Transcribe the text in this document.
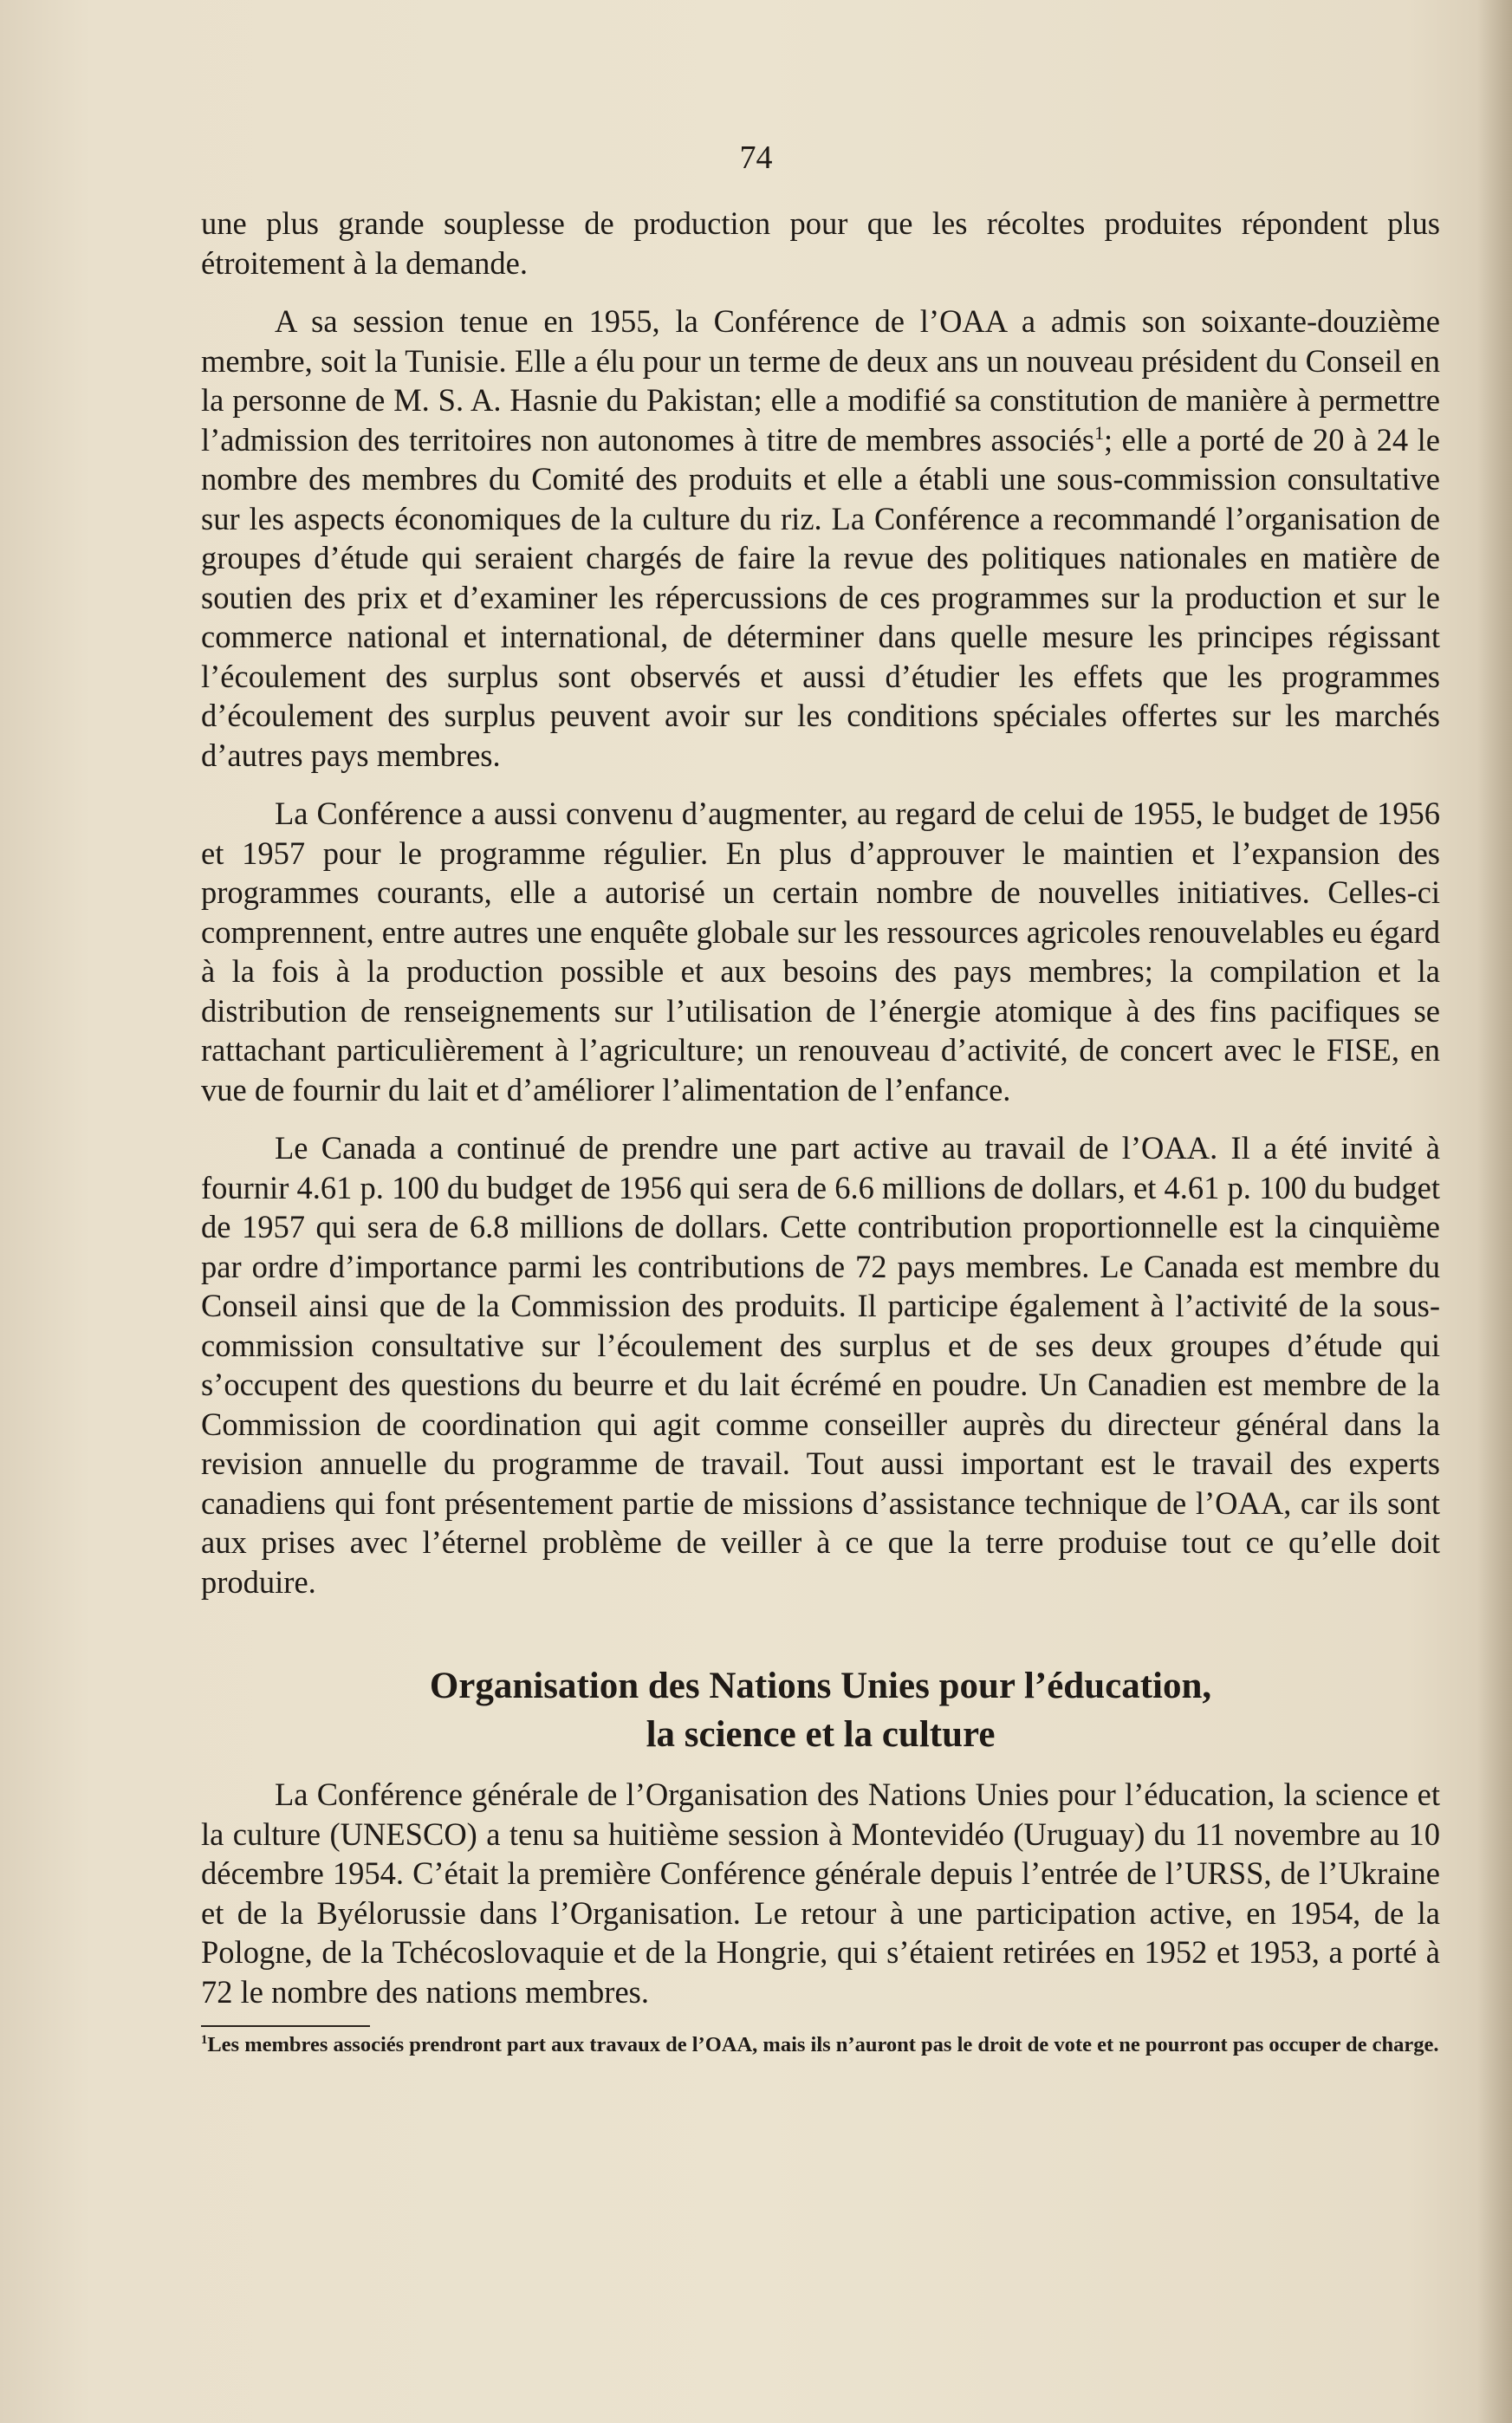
74

une plus grande souplesse de production pour que les récoltes produites répondent plus étroitement à la demande.

A sa session tenue en 1955, la Conférence de l’OAA a admis son soixante-douzième membre, soit la Tunisie. Elle a élu pour un terme de deux ans un nouveau président du Conseil en la personne de M. S. A. Hasnie du Pakistan; elle a modifié sa constitution de manière à permettre l’admission des territoires non autonomes à titre de membres associés$^1$; elle a porté de 20 à 24 le nombre des membres du Comité des produits et elle a établi une sous-commission consultative sur les aspects économiques de la culture du riz. La Conférence a recommandé l’organisation de groupes d’étude qui seraient chargés de faire la revue des politiques nationales en matière de soutien des prix et d’examiner les répercussions de ces programmes sur la production et sur le commerce national et international, de déterminer dans quelle mesure les principes régissant l’écoulement des surplus sont observés et aussi d’étudier les effets que les programmes d’écoulement des surplus peuvent avoir sur les conditions spéciales offertes sur les marchés d’autres pays membres.

La Conférence a aussi convenu d’augmenter, au regard de celui de 1955, le budget de 1956 et 1957 pour le programme régulier. En plus d’approuver le maintien et l’expansion des programmes courants, elle a autorisé un certain nombre de nouvelles initiatives. Celles-ci comprennent, entre autres une enquête globale sur les ressources agricoles renouvelables eu égard à la fois à la production possible et aux besoins des pays membres; la compilation et la distribution de renseignements sur l’utilisation de l’énergie atomique à des fins pacifiques se rattachant particulièrement à l’agriculture; un renouveau d’activité, de concert avec le FISE, en vue de fournir du lait et d’améliorer l’alimentation de l’enfance.

Le Canada a continué de prendre une part active au travail de l’OAA. Il a été invité à fournir 4.61 p. 100 du budget de 1956 qui sera de 6.6 millions de dollars, et 4.61 p. 100 du budget de 1957 qui sera de 6.8 millions de dollars. Cette contribution proportionnelle est la cinquième par ordre d’importance parmi les contributions de 72 pays membres. Le Canada est membre du Conseil ainsi que de la Commission des produits. Il participe également à l’activité de la sous-commission consultative sur l’écoulement des surplus et de ses deux groupes d’étude qui s’occupent des questions du beurre et du lait écrémé en poudre. Un Canadien est membre de la Commission de coordination qui agit comme conseiller auprès du directeur général dans la revision annuelle du programme de travail. Tout aussi important est le travail des experts canadiens qui font présentement partie de missions d’assistance technique de l’OAA, car ils sont aux prises avec l’éternel problème de veiller à ce que la terre produise tout ce qu’elle doit produire.

Organisation des Nations Unies pour l’éducation,
la science et la culture

La Conférence générale de l’Organisation des Nations Unies pour l’éducation, la science et la culture (UNESCO) a tenu sa huitième session à Montevidéo (Uruguay) du 11 novembre au 10 décembre 1954. C’était la première Conférence générale depuis l’entrée de l’URSS, de l’Ukraine et de la Byélorussie dans l’Organisation. Le retour à une participation active, en 1954, de la Pologne, de la Tchécoslovaquie et de la Hongrie, qui s’étaient retirées en 1952 et 1953, a porté à 72 le nombre des nations membres.

$^1$Les membres associés prendront part aux travaux de l’OAA, mais ils n’auront pas le droit de vote et ne pourront pas occuper de charge.
